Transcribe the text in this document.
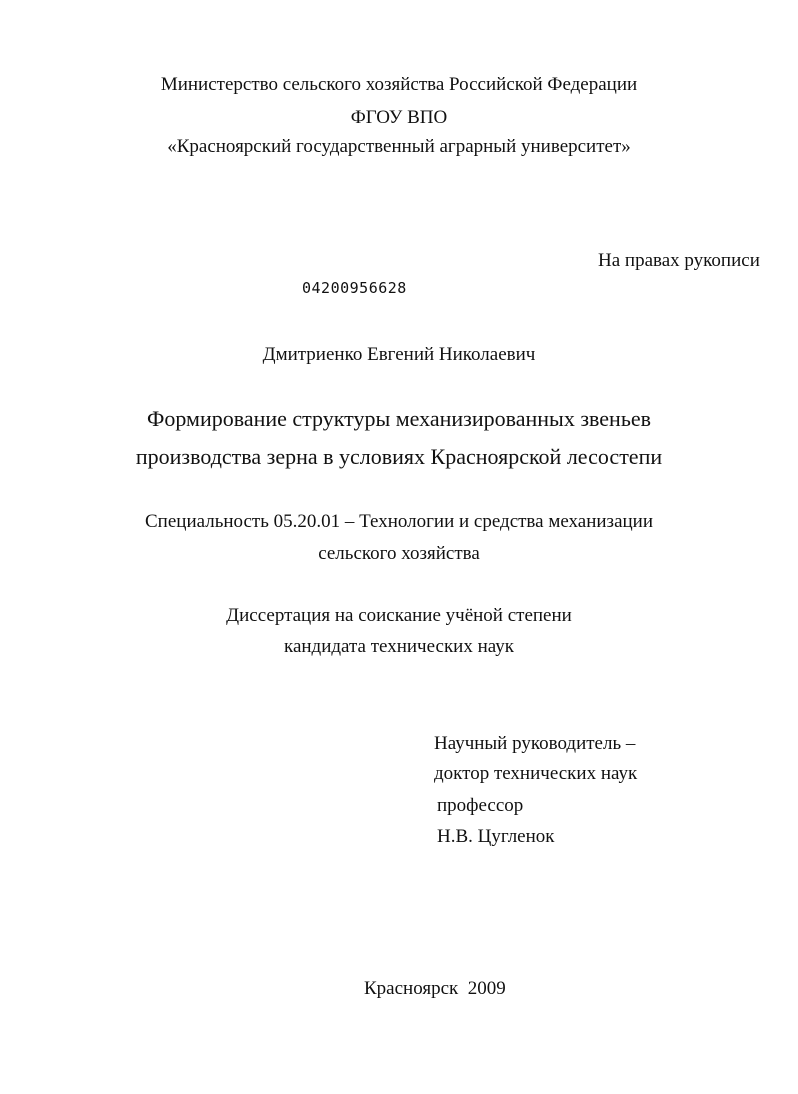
Министерство сельского хозяйства Российской Федерации
ФГОУ ВПО
«Красноярский государственный аграрный университет»
На правах рукописи
04200956628
Дмитриенко Евгений Николаевич
Формирование структуры механизированных звеньев
производства зерна в условиях Красноярской лесостепи
Специальность 05.20.01 – Технологии и средства механизации
сельского хозяйства
Диссертация на соискание учёной степени
кандидата технических наук
Научный руководитель –
доктор технических наук
профессор
Н.В. Цугленок
Красноярск  2009
